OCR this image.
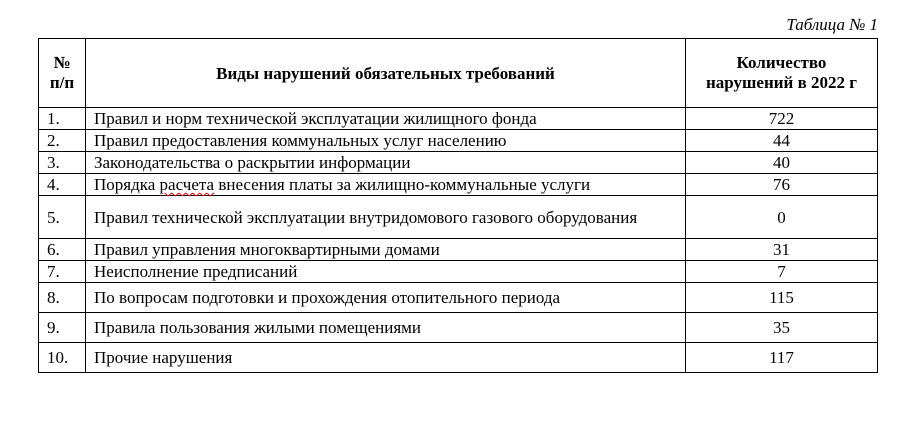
Таблица № 1
№ п/п	Виды нарушений обязательных требований	Количество нарушений в 2022 г
1.	Правил и норм технической эксплуатации жилищного фонда	722
2.	Правил предоставления коммунальных услуг населению	44
3.	Законодательства о раскрытии информации	40
4.	Порядка расчета внесения платы за жилищно-коммунальные услуги	76
5.	Правил технической эксплуатации внутридомового газового оборудования	0
6.	Правил управления многоквартирными домами	31
7.	Неисполнение предписаний	7
8.	По вопросам подготовки и прохождения отопительного периода	115
9.	Правила пользования жилыми помещениями	35
10.	Прочие нарушения	117
